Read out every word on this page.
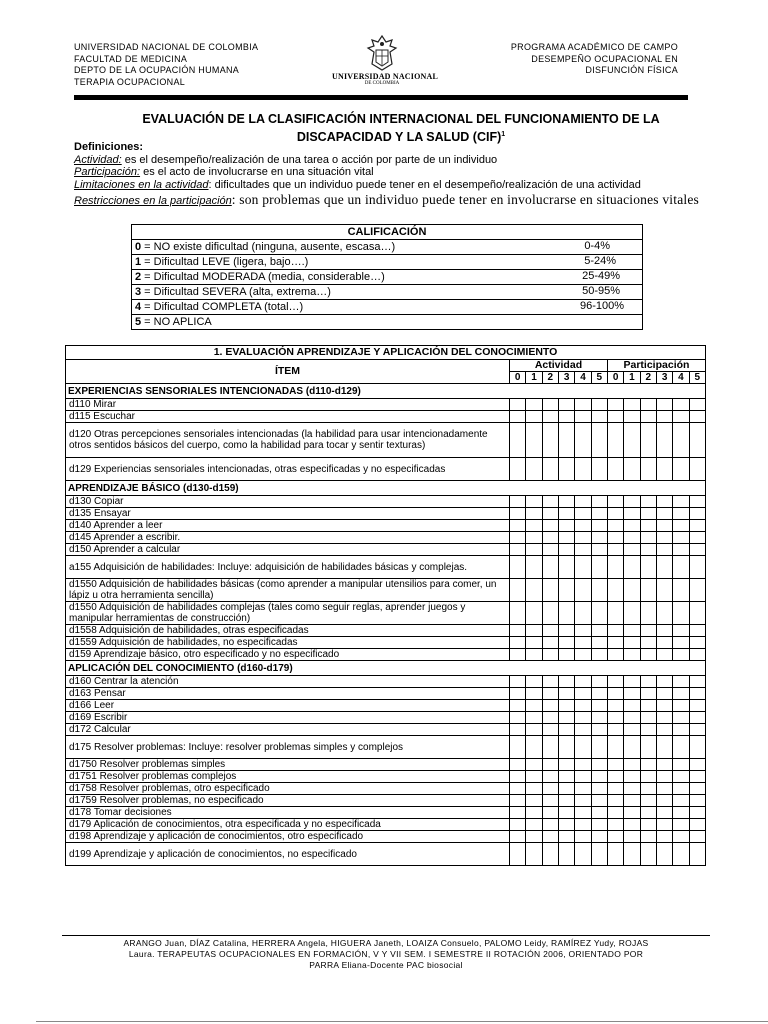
UNIVERSIDAD NACIONAL DE COLOMBIA
FACULTAD DE MEDICINA
DEPTO DE LA OCUPACIÓN HUMANA
TERAPIA OCUPACIONAL	UNIVERSIDAD NACIONAL
DE COLOMBIA
PROGRAMA ACADÉMICO DE CAMPO
DESEMPEÑO OCUPACIONAL EN
DISFUNCIÓN FÍSICA
EVALUACIÓN DE LA CLASIFICACIÓN INTERNACIONAL DEL FUNCIONAMIENTO DE LA
DISCAPACIDAD Y LA SALUD (CIF)$^1$
Definiciones:
Actividad: es el desempeño/realización de una tarea o acción por parte de un individuo
Participación: es el acto de involucrarse en una situación vital
Limitaciones en la actividad: dificultades que un individuo puede tener en el desempeño/realización de una actividad
Restricciones en la participación: son problemas que un individuo puede tener en involucrarse en situaciones vitales
CALIFICACIÓN
0 = NO existe dificultad (ninguna, ausente, escasa…)	0-4%

1 = Dificultad LEVE (ligera, bajo….)	5-24%

2 = Dificultad MODERADA (media, considerable…)	25-49%

3 = Dificultad SEVERA (alta, extrema…)	50-95%

4 = Dificultad COMPLETA (total…)	96-100%

5 = NO APLICA
1. EVALUACIÓN APRENDIZAJE Y APLICACIÓN DEL CONOCIMIENTO												
ÍTEM	Actividad						Participación					
	0	1	2	3	4	5	0	1	2	3	4	5
EXPERIENCIAS SENSORIALES INTENCIONADAS (d110-d129)												
d110 Mirar												
d115 Escuchar												
d120 Otras percepciones sensoriales intencionadas (la habilidad para usar intencionadamente otros sentidos básicos del cuerpo, como la habilidad para tocar y sentir texturas)												
d129 Experiencias sensoriales intencionadas, otras especificadas y no especificadas												
APRENDIZAJE BÁSICO (d130-d159)												
d130 Copiar												
d135 Ensayar												
d140 Aprender a leer												
d145 Aprender a escribir.												
d150 Aprender a calcular												
a155 Adquisición de habilidades: Incluye: adquisición de habilidades básicas y complejas.												
d1550 Adquisición de habilidades básicas (como aprender a manipular utensilios para comer, un lápiz u otra herramienta sencilla)												
d1550 Adquisición de habilidades complejas (tales como seguir reglas, aprender juegos y manipular herramientas de construcción)												
d1558 Adquisición de habilidades, otras especificadas												
d1559 Adquisición de habilidades, no especificadas												
d159 Aprendizaje básico, otro especificado y no especificado												
APLICACIÓN DEL CONOCIMIENTO (d160-d179)												
d160 Centrar la atención												
d163 Pensar												
d166 Leer												
d169 Escribir												
d172 Calcular												
d175 Resolver problemas: Incluye: resolver problemas simples y complejos												
d1750 Resolver problemas simples												
d1751 Resolver problemas complejos												
d1758 Resolver problemas, otro especificado												
d1759 Resolver problemas, no especificado												
d178 Tomar decisiones												
d179 Aplicación de conocimientos, otra especificada y no especificada												
d198 Aprendizaje y aplicación de conocimientos, otro especificado												
d199 Aprendizaje y aplicación de conocimientos, no especificado												
ARANGO Juan, DÍAZ Catalina, HERRERA Angela, HIGUERA Janeth, LOAIZA Consuelo, PALOMO Leidy, RAMÍREZ Yudy, ROJAS
Laura. TERAPEUTAS OCUPACIONALES EN FORMACIÓN, V Y VII SEM. I SEMESTRE II ROTACIÓN 2006, ORIENTADO POR
PARRA Eliana-Docente PAC biosocial
